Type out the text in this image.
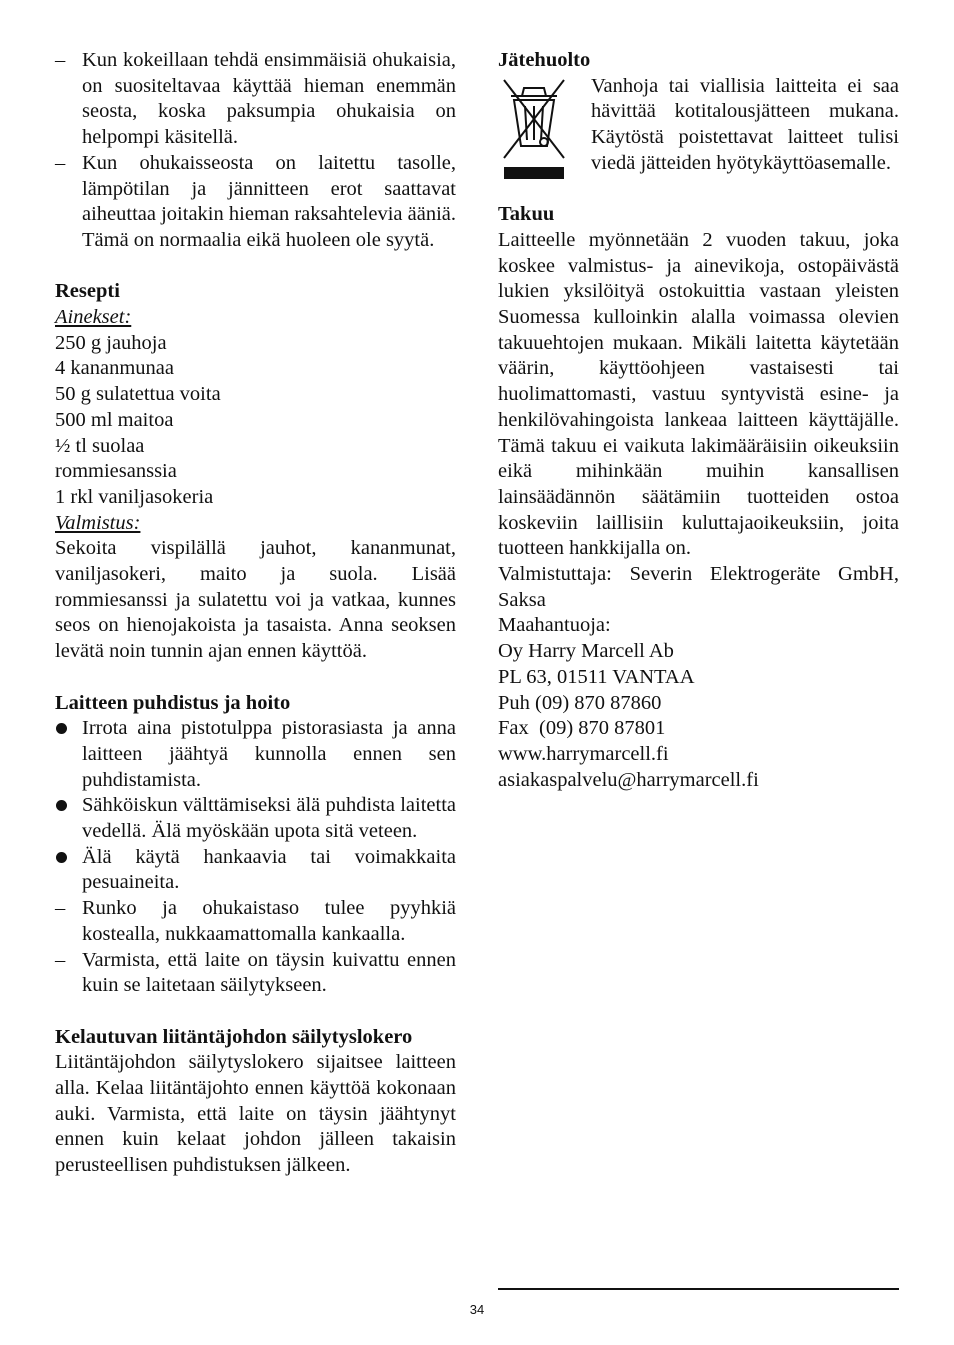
– Kun kokeillaan tehdä ensimmäisiä ohukaisia, on suositeltavaa käyttää hieman enemmän seosta, koska paksumpia ohukaisia on helpompi käsitellä.
– Kun ohukaisseosta on laitettu tasolle, lämpötilan ja jännitteen erot saattavat aiheuttaa joitakin hieman raksahtelevia ääniä. Tämä on normaalia eikä huoleen ole syytä.
Resepti
Ainekset:
250 g jauhoja
4 kananmunaa
50 g sulatettua voita
500 ml maitoa
½ tl suolaa
rommiesanssia
1 rkl vaniljasokeria
Valmistus:
Sekoita vispilällä jauhot, kananmunat, vaniljasokeri, maito ja suola. Lisää rommiesanssi ja sulatettu voi ja vatkaa, kunnes seos on hienojakoista ja tasaista. Anna seoksen levätä noin tunnin ajan ennen käyttöä.
Laitteen puhdistus ja hoito
Irrota aina pistotulppa pistorasiasta ja anna laitteen jäähtyä kunnolla ennen sen puhdistamista.
Sähköiskun välttämiseksi älä puhdista laitetta vedellä. Älä myöskään upota sitä veteen.
Älä käytä hankaavia tai voimakkaita pesuaineita.
– Runko ja ohukaistaso tulee pyyhkiä kostealla, nukkaamattomalla kankaalla.
– Varmista, että laite on täysin kuivattu ennen kuin se laitetaan säilytykseen.
Kelautuvan liitäntäjohdon säilytyslokero
Liitäntäjohdon säilytyslokero sijaitsee laitteen alla. Kelaa liitäntäjohto ennen käyttöä kokonaan auki. Varmista, että laite on täysin jäähtynyt ennen kuin kelaat johdon jälleen takaisin perusteellisen puhdistuksen jälkeen.
Jätehuolto
Vanhoja tai viallisia laitteita ei saa hävittää kotitalousjätteen mukana. Käytöstä poistettavat laitteet tulisi viedä jätteiden hyötykäyttöasemalle.
Takuu
Laitteelle myönnetään 2 vuoden takuu, joka koskee valmistus- ja ainevikoja, ostopäivästä lukien yksilöityä ostokuittia vastaan yleisten Suomessa kulloinkin alalla voimassa olevien takuuehtojen mukaan. Mikäli laitetta käytetään väärin, käyttöohjeen vastaisesti tai huolimattomasti, vastuu syntyvistä esine- ja henkilövahingoista lankeaa laitteen käyttäjälle. Tämä takuu ei vaikuta lakimääräisiin oikeuksiin eikä mihinkään muihin kansallisen lainsäädännön säätämiin tuotteiden ostoa koskeviin laillisiin kuluttajaoikeuksiin, joita tuotteen hankkijalla on.
Valmistuttaja: Severin Elektrogeräte GmbH, Saksa
Maahantuoja:
Oy Harry Marcell Ab
PL 63, 01511 VANTAA
Puh (09) 870 87860
Fax  (09) 870 87801
www.harrymarcell.fi
asiakaspalvelu@harrymarcell.fi
34
